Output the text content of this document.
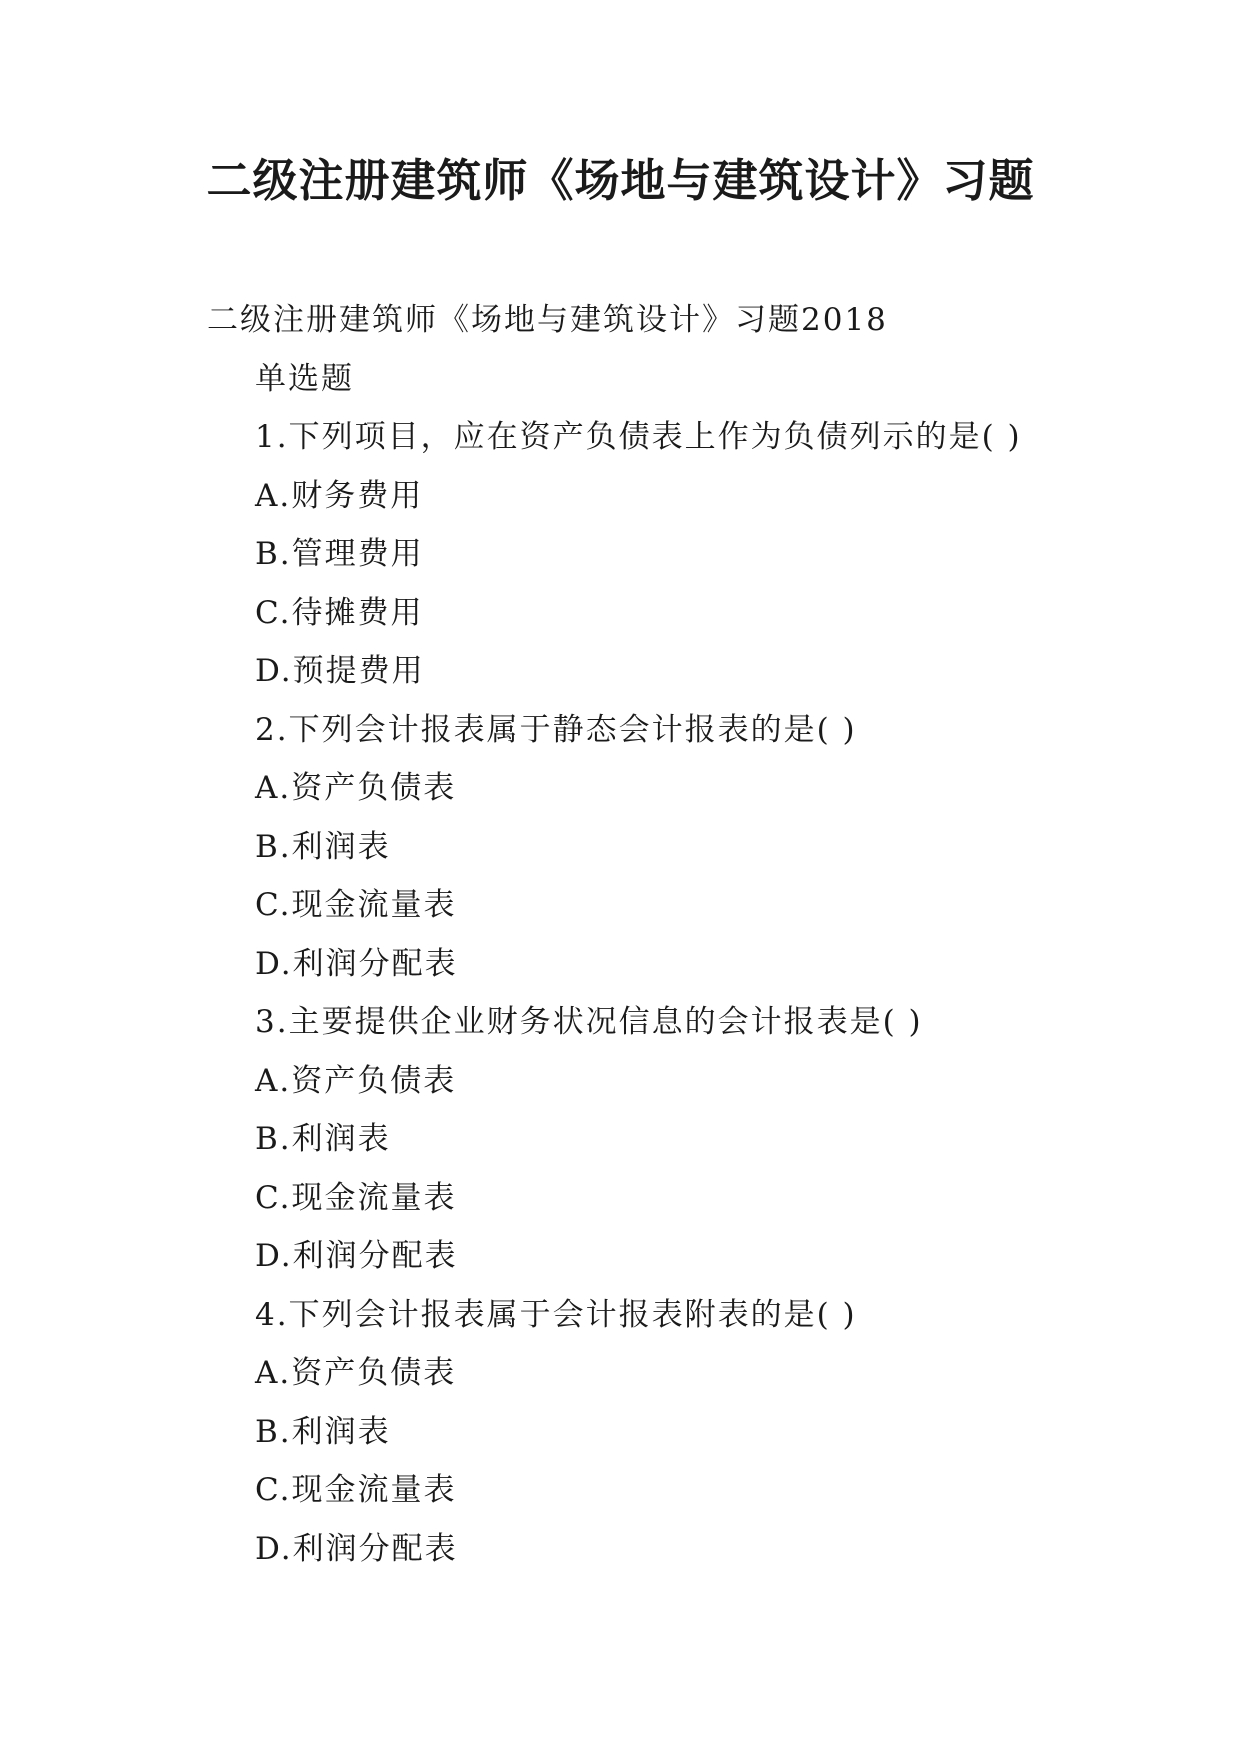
二级注册建筑师《场地与建筑设计》习题
二级注册建筑师《场地与建筑设计》习题2018
单选题
1.下列项目，应在资产负债表上作为负债列示的是( )
A.财务费用
B.管理费用
C.待摊费用
D.预提费用
2.下列会计报表属于静态会计报表的是( )
A.资产负债表
B.利润表
C.现金流量表
D.利润分配表
3.主要提供企业财务状况信息的会计报表是( )
A.资产负债表
B.利润表
C.现金流量表
D.利润分配表
4.下列会计报表属于会计报表附表的是( )
A.资产负债表
B.利润表
C.现金流量表
D.利润分配表
